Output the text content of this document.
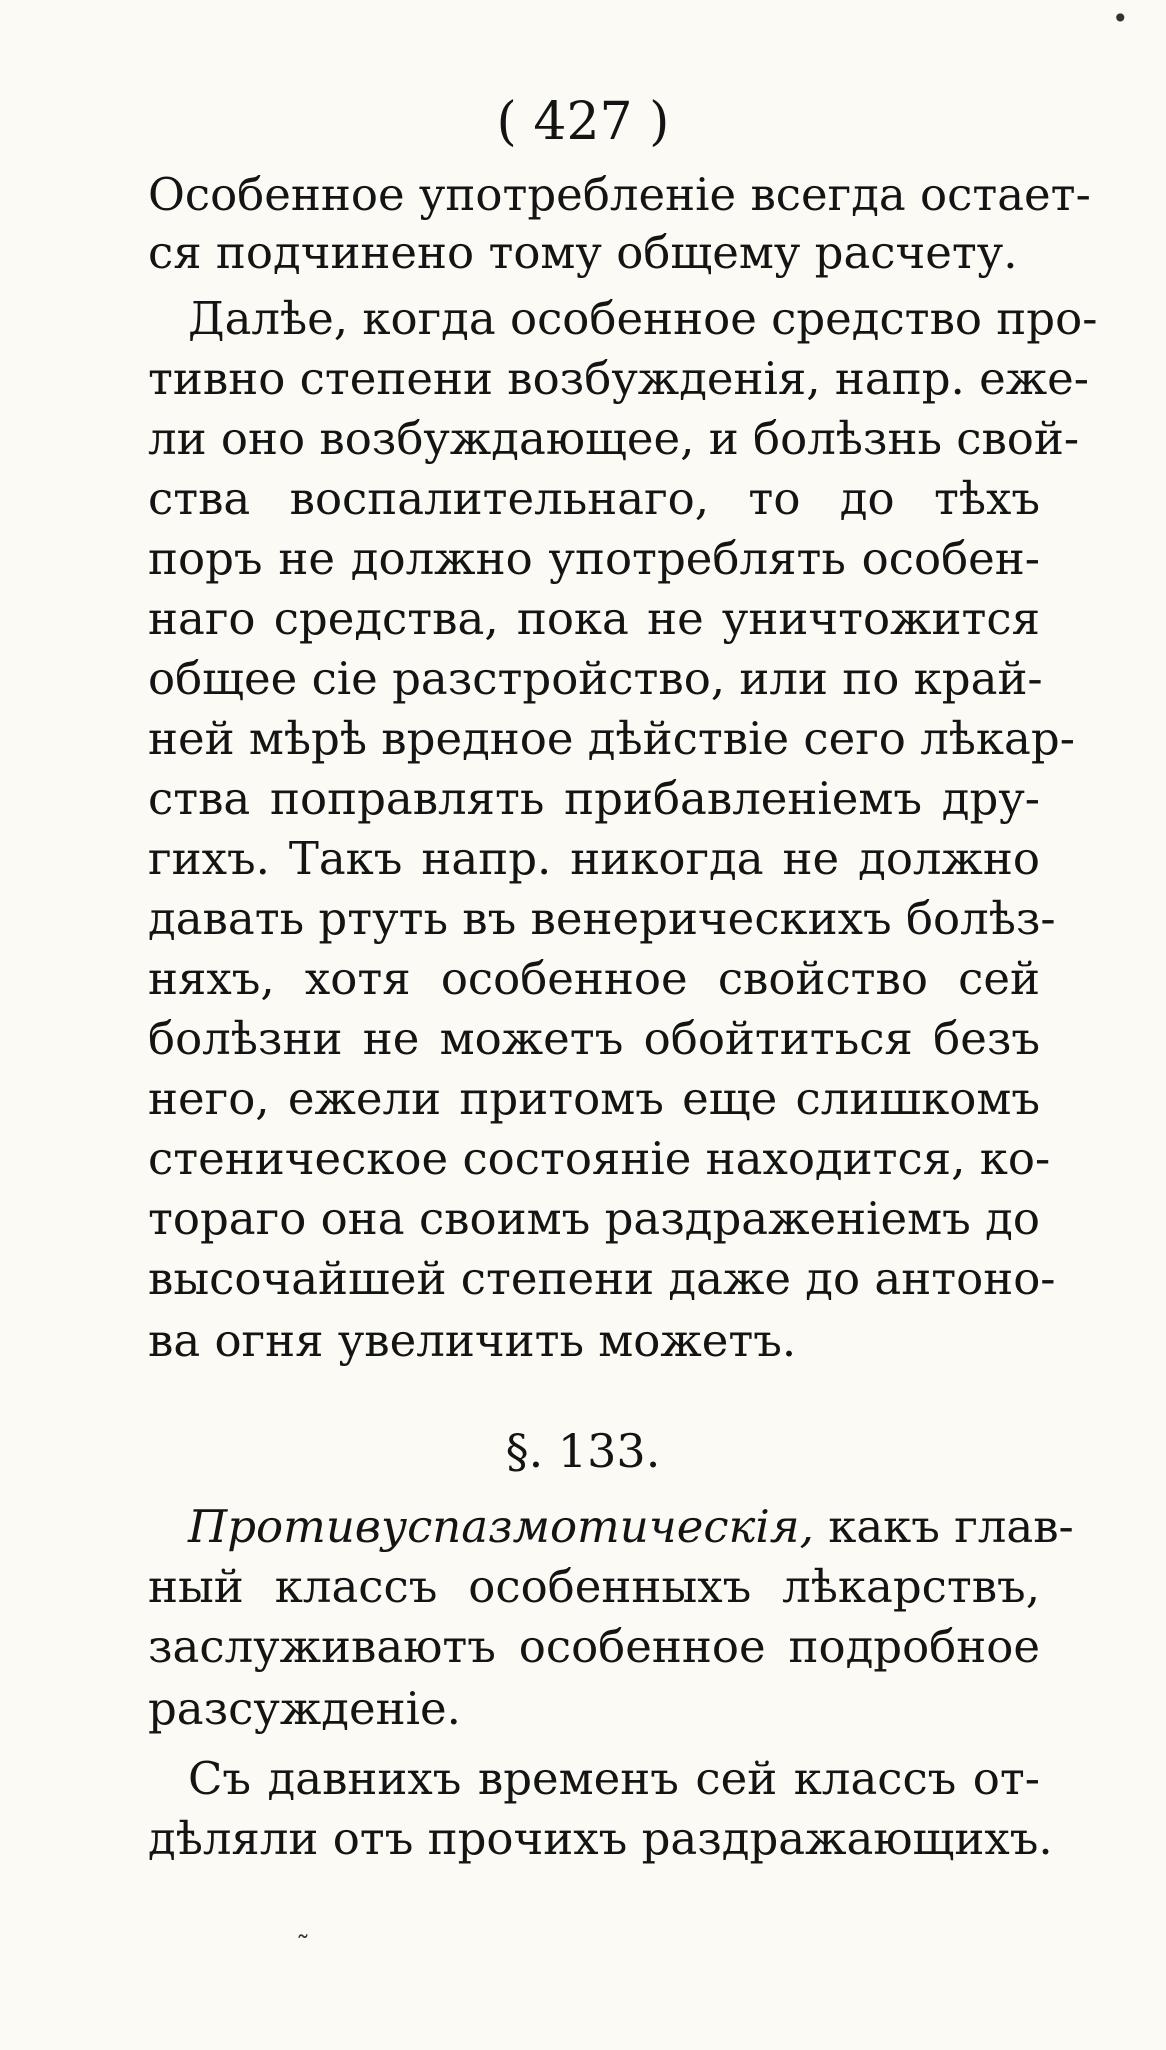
•
( 427 )
Особенное употребленiе всегда остает-
ся подчинено тому общему расчету.
Далѣе, когда особенное средство про-
тивно степени возбужденiя, напр. еже-
ли оно возбуждающее, и болѣзнь свой-
ства воспалительнаго, то до тѣхъ
поръ не должно употреблять особен-
наго средства, пока не уничтожится
общее сiе разстройство, или по край-
ней мѣрѣ вредное дѣйствiе сего лѣкар-
ства поправлять прибавленiемъ дру-
гихъ. Такъ напр. никогда не должно
давать ртуть въ венерическихъ болѣз-
няхъ, хотя особенное свойство сей
болѣзни не можетъ обойтиться безъ
него, ежели притомъ еще слишкомъ
стеническое состоянiе находится, ко-
тораго она своимъ раздраженiемъ до
высочайшей степени даже до антоно-
ва огня увеличить можетъ.
§. 133.
Противуспазмотическiя, какъ глав-
ный классъ особенныхъ лѣкарствъ,
заслуживаютъ особенное подробное
разсужденiе.
Съ давнихъ временъ сей классъ от-
дѣляли отъ прочихъ раздражающихъ.
˜
